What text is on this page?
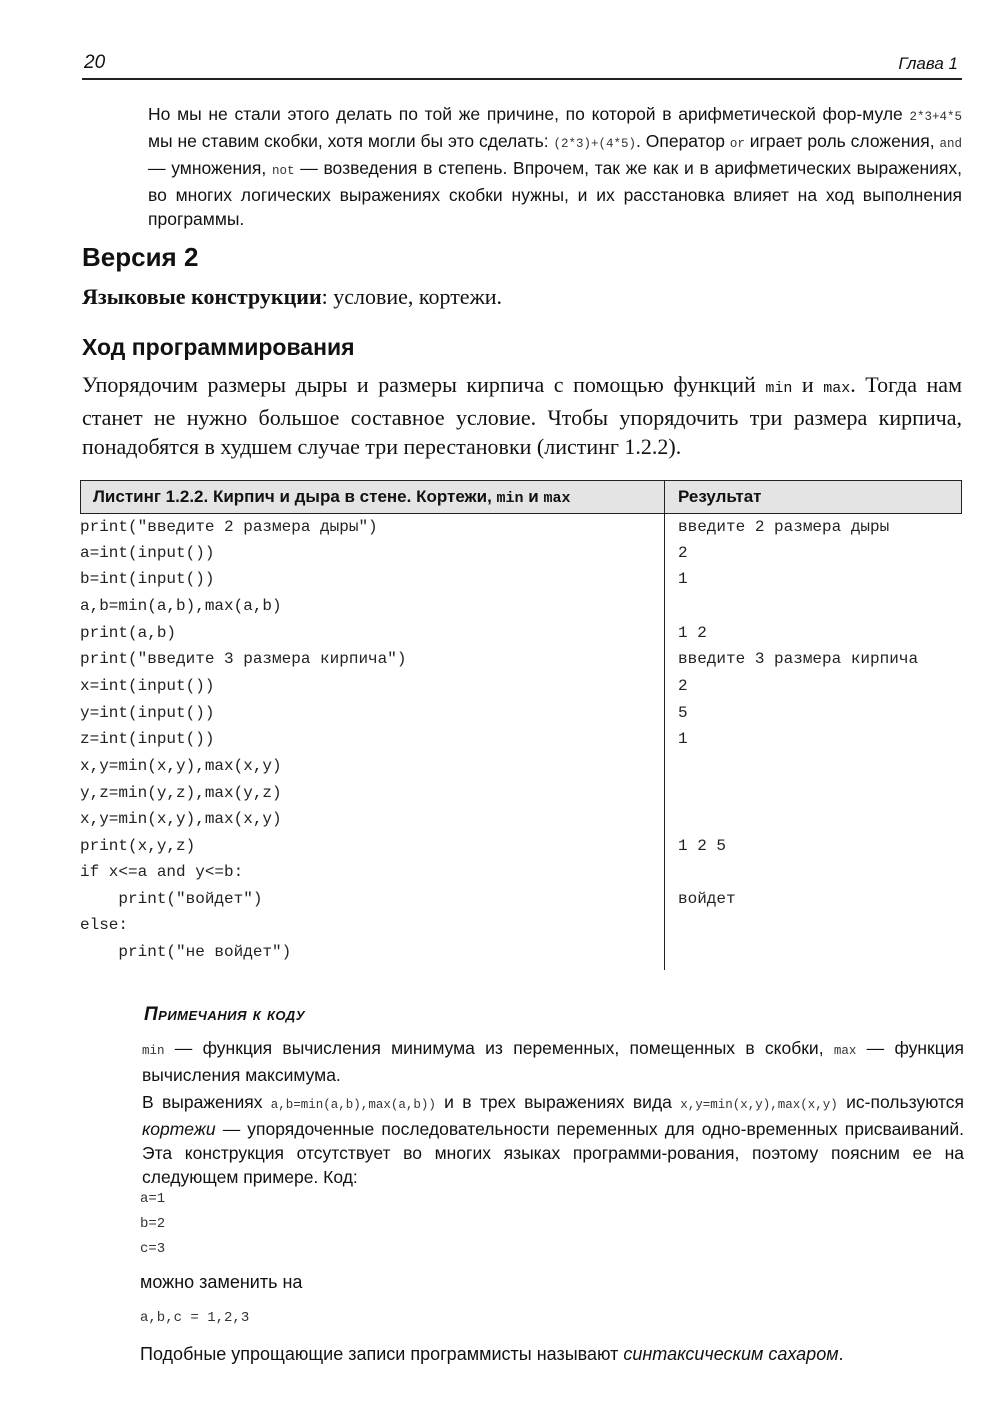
20	Глава 1
Но мы не стали этого делать по той же причине, по которой в арифметической фор-муле 2*3+4*5 мы не ставим скобки, хотя могли бы это сделать: (2*3)+(4*5). Оператор or играет роль сложения, and — умножения, not — возведения в степень. Впрочем, так же как и в арифметических выражениях, во многих логических выражениях скобки нужны, и их расстановка влияет на ход выполнения программы.
Версия 2
Языковые конструкции: условие, кортежи.
Ход программирования
Упорядочим размеры дыры и размеры кирпича с помощью функций min и max. Тогда нам станет не нужно большое составное условие. Чтобы упорядочить три размера кирпича, понадобятся в худшем случае три перестановки (листинг 1.2.2).
Листинг 1.2.2. Кирпич и дыра в стене. Кортежи, min и max	Результат
print("введите 2 размера дыры")
a=int(input())
b=int(input())
a,b=min(a,b),max(a,b)
print(a,b)
print("введите 3 размера кирпича")
x=int(input())
y=int(input())
z=int(input())
x,y=min(x,y),max(x,y)
y,z=min(y,z),max(y,z)
x,y=min(x,y),max(x,y)
print(x,y,z)
if x<=a and y<=b:
print("войдет")
else:
print("не войдет")
введите 2 размера дыры
2
1
1 2
введите 3 размера кирпича
2
5
1
1 2 5
войдет
Примечания к коду
min — функция вычисления минимума из переменных, помещенных в скобки, max — функция вычисления максимума.
В выражениях a,b=min(a,b),max(a,b)) и в трех выражениях вида x,y=min(x,y),max(x,y) ис-пользуются кортежи — упорядоченные последовательности переменных для одно-временных присваиваний. Эта конструкция отсутствует во многих языках программи-рования, поэтому поясним ее на следующем примере. Код:
a=1
b=2
c=3
можно заменить на
a,b,c = 1,2,3
Подобные упрощающие записи программисты называют синтаксическим сахаром.
